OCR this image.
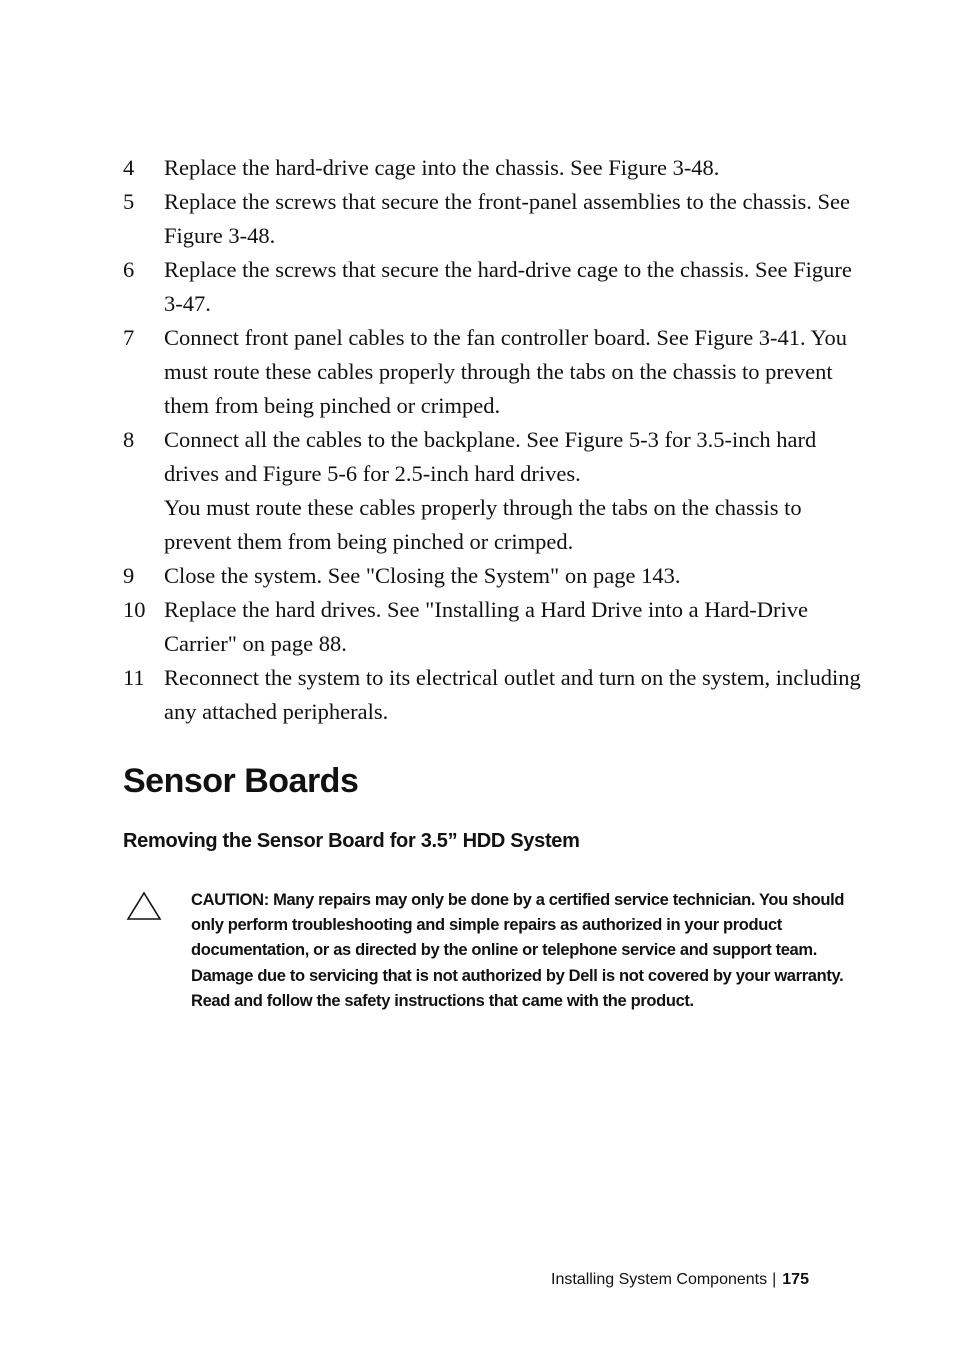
4	Replace the hard-drive cage into the chassis. See Figure 3-48.

5	Replace the screws that secure the front-panel assemblies to the chassis. See Figure 3-48.

6	Replace the screws that secure the hard-drive cage to the chassis. See Figure 3-47.

7	Connect front panel cables to the fan controller board. See Figure 3-41. You must route these cables properly through the tabs on the chassis to prevent them from being pinched or crimped.

8	Connect all the cables to the backplane. See Figure 5-3 for 3.5-inch hard drives and Figure 5-6 for 2.5-inch hard drives.

You must route these cables properly through the tabs on the chassis to prevent them from being pinched or crimped.

9	Close the system. See "Closing the System" on page 143.

10 Replace the hard drives. See "Installing a Hard Drive into a Hard-Drive Carrier" on page 88.

11 Reconnect the system to its electrical outlet and turn on the system, including any attached peripherals.

Sensor Boards
Removing the Sensor Board for 3.5” HDD System

CAUTION: Many repairs may only be done by a certified service technician. You should only perform troubleshooting and simple repairs as authorized in your product documentation, or as directed by the online or telephone service and support team. Damage due to servicing that is not authorized by Dell is not covered by your warranty. Read and follow the safety instructions that came with the product.

Installing System Components | 175
